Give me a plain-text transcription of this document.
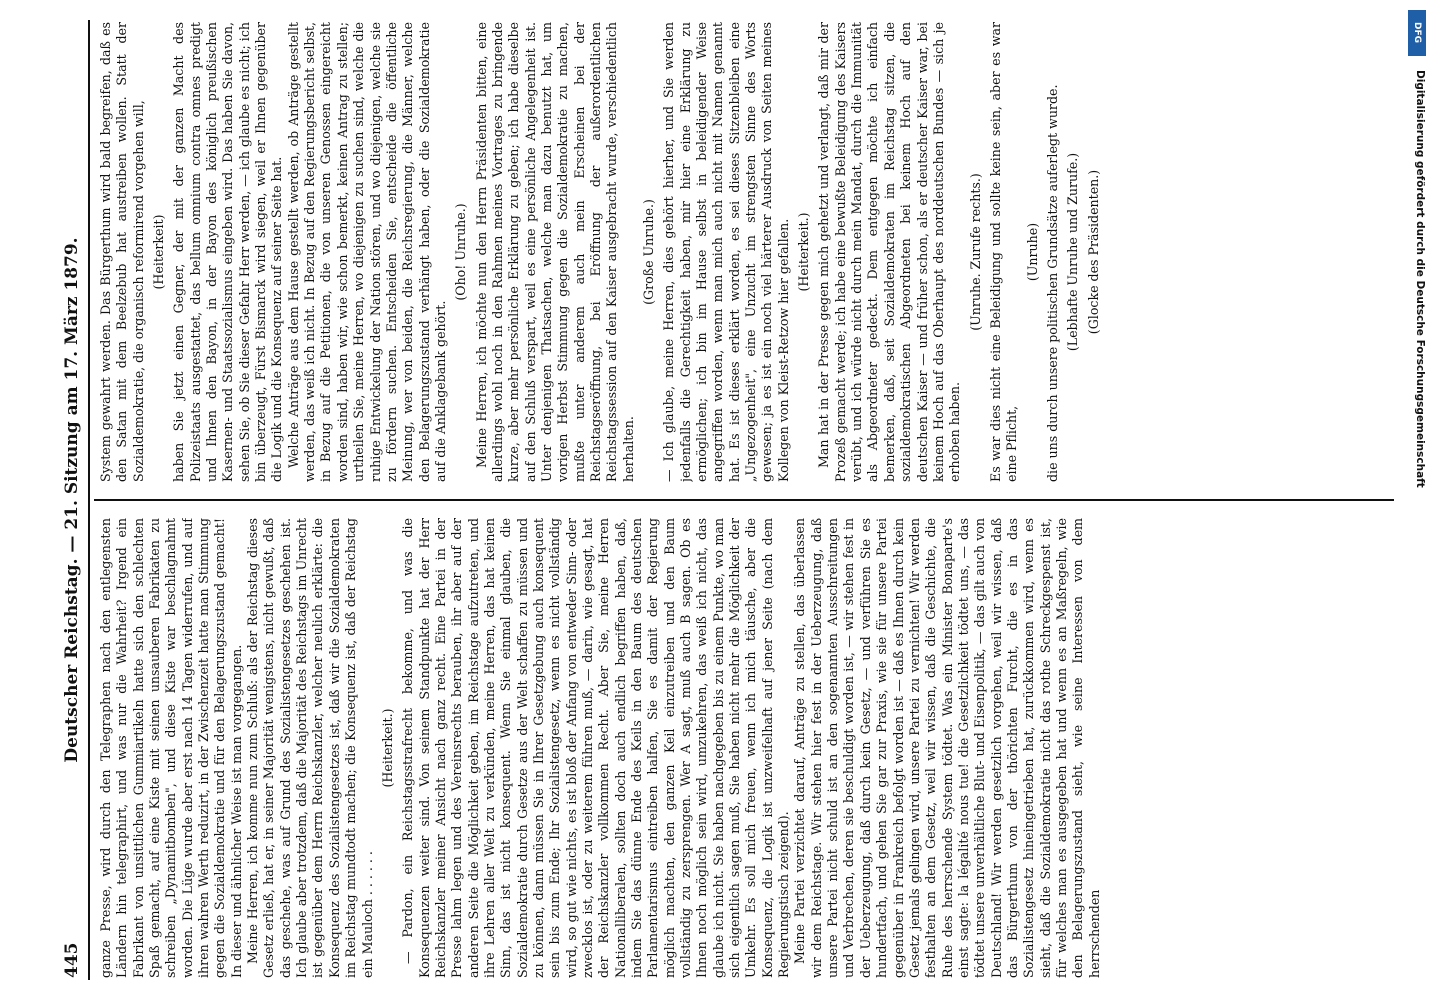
445
Deutscher Reichstag. — 21. Sitzung am 17. März 1879. ganze Presse, wird durch den Telegraphen nach den entlegensten Ländern hin telegraphirt, und was nur die Wahrheit? Irgend ein Fabrikant von unsittlichen Gummiartikeln hatte sich den schlechten Spaß gemacht, auf eine Kiste mit seinen unsauberen Fabrikaten zu schreiben „Dynamitbomben", und diese Kiste war beschlagnahmt worden. Die Lüge wurde aber erst nach 14 Tagen widerrufen, und auf ihren wahren Werth reduzirt, in der Zwischenzeit hatte man Stimmung gegen die Sozialdemokratie und für den Belagerungszustand gemacht! In dieser und ähnlicher Weise ist man vorgegangen. Meine Herren, ich komme nun zum Schluß: als der Reichstag dieses Gesetz erließ, hat er, in seiner Majorität wenigstens, nicht gewußt, daß das geschehe, was auf Grund des Sozialistengesetzes geschehen ist. Ich glaube aber trotzdem, daß die Majorität des Reichstags im Unrecht ist gegenüber dem Herrn Reichskanzler, welcher neulich erklärte: die Konsequenz des Sozialistengesetzes ist, daß wir die Sozialdemokraten im Reichstag mundtodt machen; die Konsequenz ist, daß der Reichstag ein Mauloch . . . . . .

(Heiterkeit.) — Pardon, ein Reichstagsstrafrecht bekomme, und was die Konsequenzen weiter sind. Von seinem Standpunkte hat der Herr Reichskanzler meiner Ansicht nach ganz recht. Eine Partei in der Presse lahm legen und des Vereinsrechts berauben, ihr aber auf der anderen Seite die Möglichkeit geben, im Reichstage aufzutreten, und ihre Lehren aller Welt zu verkünden, meine Herren, das hat keinen Sinn, das ist nicht konsequent. Wenn Sie einmal glauben, die Sozialdemokratie durch Gesetze aus der Welt schaffen zu müssen und zu können, dann müssen Sie in Ihrer Gesetzgebung auch konsequent sein bis zum Ende; Ihr Sozialistengesetz, wenn es nicht vollständig wird, so gut wie nichts, es ist bloß der Anfang von entweder Sinn- oder zwecklos ist, oder zu weiterem führen muß, — darin, wie gesagt, hat der Reichskanzler vollkommen Recht. Aber Sie, meine Herren Nationalliberalen, sollten doch auch endlich begriffen haben, daß, indem Sie das dünne Ende des Keils in den Baum des deutschen Parlamentarismus eintreiben halfen, Sie es damit der Regierung möglich machten, den ganzen Keil einzutreiben und den Baum vollständig zu zersprengen. Wer A sagt, muß auch B sagen. Ob es Ihnen noch möglich sein wird, umzukehren, das weiß ich nicht, das glaube ich nicht. Sie haben nachgegeben bis zu einem Punkte, wo man sich eigentlich sagen muß, Sie haben nicht mehr die Möglichkeit der Umkehr. Es soll mich freuen, wenn ich mich täusche, aber die Konsequenz, die Logik ist unzweifelhaft auf jener Seite (nach dem Regierungstisch zeigend). Meine Partei verzichtet darauf, Anträge zu stellen, das überlassen wir dem Reichstage. Wir stehen hier fest in der Ueberzeugung, daß unsere Partei nicht schuld ist an den sogenannten Ausschreitungen und Verbrechen, deren sie beschuldigt worden ist, — wir stehen fest in der Ueberzeugung, daß durch kein Gesetz, — und verführen Sie es hundertfach, und gehen Sie gar zur Praxis, wie sie für unsere Partei gegenüber in Frankreich befolgt worden ist — daß es Ihnen durch kein Gesetz jemals gelingen wird, unsere Partei zu vernichten! Wir werden festhalten an dem Gesetz, weil wir wissen, daß die Geschichte, die Ruhe des herrschende System tödtet. Was ein Minister Bonaparte's einst sagte: la légalité nous tue! die Gesetzlichkeit tödtet uns, — das tödtet unsere unverhältliche Blut- und Eisenpolitik, — das gilt auch von Deutschland! Wir werden gesetzlich vorgehen, weil wir wissen, daß das Bürgerthum von der thörichten Furcht, die es in das Sozialistengesetz hineingetrieben hat, zurückkommen wird, wenn es sieht, daß die Sozialdemokratie nicht das rothe Schreckgespenst ist, für welches man es ausgegeben hat und wenn es an Maßregeln, wie den Belagerungszustand sieht, wie seine Interessen von dem herrschenden

System gewahrt werden. Das Bürgerthum wird bald begreifen, daß es den Satan mit dem Beelzebub hat austreiben wollen. Statt der Sozialdemokratie, die organisch reformirend vorgehen will, (Heiterkeit) haben Sie jetzt einen Gegner, der mit der ganzen Macht des Polizeistaats ausgestattet, das bellum omnium contra omnes predigt und Ihnen den Bayon, in der Bayon des königlich preußischen Kasernen- und Staatssozialismus eingeben wird. Das haben Sie davon, sehen Sie, ob Sie dieser Gefahr Herr werden, — ich glaube es nicht; ich bin überzeugt, Fürst Bismarck wird siegen, weil er Ihnen gegenüber die Logik und die Konsequenz auf seiner Seite hat. Welche Anträge aus dem Hause gestellt werden, ob Anträge gestellt werden, das weiß ich nicht. In Bezug auf den Regierungsbericht selbst, in Bezug auf die Petitionen, die von unseren Genossen eingereicht worden sind, haben wir, wie schon bemerkt, keinen Antrag zu stellen; urtheilen Sie, meine Herren, wo diejenigen zu suchen sind, welche die ruhige Entwickelung der Nation stören, und wo diejenigen, welche sie zu fördern suchen. Entscheiden Sie, entscheide die öffentliche Meinung, wer von beiden, die Reichsregierung, die Männer, welche den Belagerungszustand verhängt haben, oder die Sozialdemokratie auf die Anklagebank gehört.

(Oho! Unruhe.) Meine Herren, ich möchte nun den Herrn Präsidenten bitten, eine allerdings wohl noch in den Rahmen meines Vortrages zu bringende kurze, aber mehr persönliche Erklärung zu geben; ich habe dieselbe auf den Schluß verspart, weil es eine persönliche Angelegenheit ist. Unter denjenigen Thatsachen, welche man dazu benutzt hat, um vorigen Herbst Stimmung gegen die Sozialdemokratie zu machen, mußte unter anderem auch mein Erscheinen bei der Reichstagseröffnung, bei Eröffnung der außerordentlichen Reichstagssession auf den Kaiser ausgebracht wurde, verschiedentlich herhalten.

(Große Unruhe.) — Ich glaube, meine Herren, dies gehört hierher, und Sie werden jedenfalls die Gerechtigkeit haben, mir hier eine Erklärung zu ermöglichen; ich bin im Hause selbst in beleidigender Weise angegriffen worden, wenn man mich auch nicht mit Namen genannt hat. Es ist dieses erklärt worden, es sei dieses Sitzenbleiben eine „Ungezogenheit", eine Unzucht im strengsten Sinne des Worts gewesen; ja es ist ein noch viel härterer Ausdruck von Seiten meines Kollegen von Kleist-Retzow hier gefallen. (Heiterkeit.) Man hat in der Presse gegen mich gehetzt und verlangt, daß mir der Prozeß gemacht werde; ich habe eine bewußte Beleidigung des Kaisers verübt, und ich würde nicht durch mein Mandat, durch die Immunität als Abgeordneter gedeckt. Dem entgegen möchte ich einfach bemerken, daß, seit Sozialdemokraten im Reichstag sitzen, die sozialdemokratischen Abgeordneten bei keinem Hoch auf den deutschen Kaiser — und früher schon, als er deutscher Kaiser war, bei keinem Hoch auf das Oberhaupt des norddeutschen Bundes — sich je erhoben haben.

(Unruhe. Zurufe rechts.) Es war dies nicht eine Beleidigung und sollte keine sein, aber es war eine Pflicht,

(Unruhe) die uns durch unsere politischen Grundsätze auferlegt wurde. (Lebhafte Unruhe und Zurufe.) (Glocke des Präsidenten.)

DFG
Digitalisierung gefördert durch die Deutsche Forschungsgemeinschaft
